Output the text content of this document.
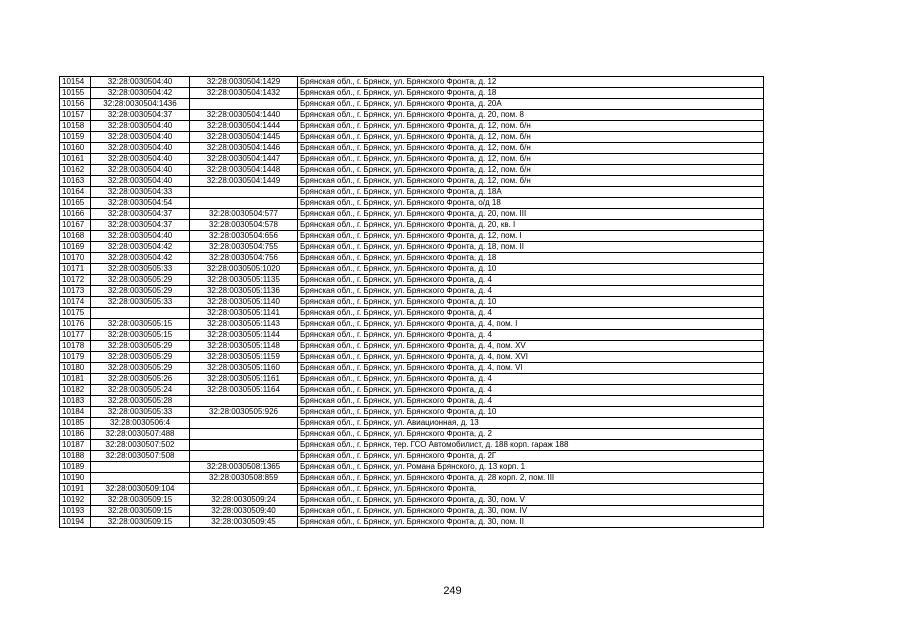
10154	32:28:0030504:40	32:28:0030504:1429	Брянская обл., г. Брянск, ул. Брянского Фронта, д. 12
10155	32:28:0030504:42	32:28:0030504:1432	Брянская обл., г. Брянск, ул. Брянского Фронта, д. 18
10156	32:28:0030504:1436		Брянская обл., г. Брянск, ул. Брянского Фронта, д. 20А
10157	32:28:0030504:37	32:28:0030504:1440	Брянская обл., г. Брянск, ул. Брянского Фронта, д. 20, пом. 8
10158	32:28:0030504:40	32:28:0030504:1444	Брянская обл., г. Брянск, ул. Брянского Фронта, д. 12, пом. б/н
10159	32:28:0030504:40	32:28:0030504:1445	Брянская обл., г. Брянск, ул. Брянского Фронта, д. 12, пом. б/н
10160	32:28:0030504:40	32:28:0030504:1446	Брянская обл., г. Брянск, ул. Брянского Фронта, д. 12, пом. б/н
10161	32:28:0030504:40	32:28:0030504:1447	Брянская обл., г. Брянск, ул. Брянского Фронта, д. 12, пом. б/н
10162	32:28:0030504:40	32:28:0030504:1448	Брянская обл., г. Брянск, ул. Брянского Фронта, д. 12, пом. б/н
10163	32:28:0030504:40	32:28:0030504:1449	Брянская обл., г. Брянск, ул. Брянского Фронта, д. 12, пом. б/н
10164	32:28:0030504:33		Брянская обл., г. Брянск, ул. Брянского Фронта, д. 18А
10165	32:28:0030504:54		Брянская обл., г. Брянск, ул. Брянского Фронта, о/д 18
10166	32:28:0030504:37	32:28:0030504:577	Брянская обл., г. Брянск, ул. Брянского Фронта, д. 20, пом. III
10167	32:28:0030504:37	32:28:0030504:578	Брянская обл., г. Брянск, ул. Брянского Фронта, д. 20, кв. I
10168	32:28:0030504:40	32:28:0030504:656	Брянская обл., г. Брянск, ул. Брянского Фронта, д. 12, пом. I
10169	32:28:0030504:42	32:28:0030504:755	Брянская обл., г. Брянск, ул. Брянского Фронта, д. 18, пом. II
10170	32:28:0030504:42	32:28:0030504:756	Брянская обл., г. Брянск, ул. Брянского Фронта, д. 18
10171	32:28:0030505:33	32:28:0030505:1020	Брянская обл., г. Брянск, ул. Брянского Фронта, д. 10
10172	32:28:0030505:29	32:28:0030505:1135	Брянская обл., г. Брянск, ул. Брянского Фронта, д. 4
10173	32:28:0030505:29	32:28:0030505:1136	Брянская обл., г. Брянск, ул. Брянского Фронта, д. 4
10174	32:28:0030505:33	32:28:0030505:1140	Брянская обл., г. Брянск, ул. Брянского Фронта, д. 10
10175		32:28:0030505:1141	Брянская обл., г. Брянск, ул. Брянского Фронта, д. 4
10176	32:28:0030505:15	32:28:0030505:1143	Брянская обл., г. Брянск, ул. Брянского Фронта, д. 4, пом. I
10177	32:28:0030505:15	32:28:0030505:1144	Брянская обл., г. Брянск, ул. Брянского Фронта, д. 4
10178	32:28:0030505:29	32:28:0030505:1148	Брянская обл., г. Брянск, ул. Брянского Фронта, д. 4, пом. XV
10179	32:28:0030505:29	32:28:0030505:1159	Брянская обл., г. Брянск, ул. Брянского Фронта, д. 4, пом. XVI
10180	32:28:0030505:29	32:28:0030505:1160	Брянская обл., г. Брянск, ул. Брянского Фронта, д. 4, пом. VI
10181	32:28:0030505:26	32:28:0030505:1161	Брянская обл., г. Брянск, ул. Брянского Фронта, д. 4
10182	32:28:0030505:24	32:28:0030505:1164	Брянская обл., г. Брянск, ул. Брянского Фронта, д. 4
10183	32:28:0030505:28		Брянская обл., г. Брянск, ул. Брянского Фронта, д. 4
10184	32:28:0030505:33	32:28:0030505:926	Брянская обл., г. Брянск, ул. Брянского Фронта, д. 10
10185	32:28:0030506:4		Брянская обл., г. Брянск, ул. Авиационная, д. 13
10186	32:28:0030507:488		Брянская обл., г. Брянск, ул. Брянского Фронта, д. 2
10187	32:28:0030507:502		Брянская обл., г. Брянск, тер. ГСО Автомобилист, д. 188 корп. гараж 188
10188	32:28:0030507:508		Брянская обл., г. Брянск, ул. Брянского Фронта, д. 2Г
10189		32:28:0030508:1365	Брянская обл., г. Брянск, ул. Романа Брянского, д. 13 корп. 1
10190		32:28:0030508:859	Брянская обл., г. Брянск, ул. Брянского Фронта, д. 28 корп. 2, пом. III
10191	32:28:0030509:104		Брянская обл., г. Брянск, ул. Брянского Фронта,
10192	32:28:0030509:15	32:28:0030509:24	Брянская обл., г. Брянск, ул. Брянского Фронта, д. 30, пом. V
10193	32:28:0030509:15	32:28:0030509:40	Брянская обл., г. Брянск, ул. Брянского Фронта, д. 30, пом. IV
10194	32:28:0030509:15	32:28:0030509:45	Брянская обл., г. Брянск, ул. Брянского Фронта, д. 30, пом. II
249
